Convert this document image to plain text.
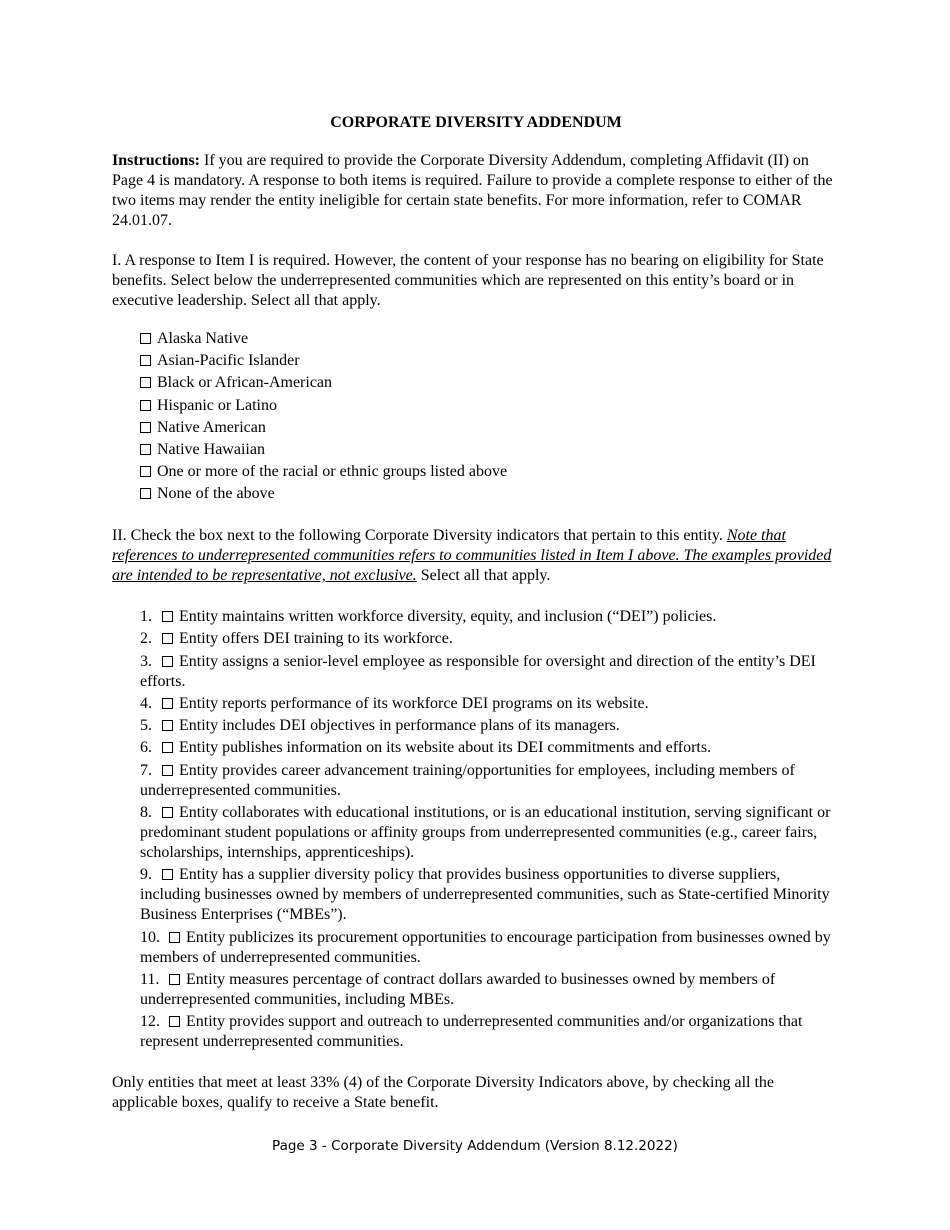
CORPORATE DIVERSITY ADDENDUM
Instructions: If you are required to provide the Corporate Diversity Addendum, completing Affidavit (II) on Page 4 is mandatory. A response to both items is required. Failure to provide a complete response to either of the two items may render the entity ineligible for certain state benefits. For more information, refer to COMAR 24.01.07.
I. A response to Item I is required. However, the content of your response has no bearing on eligibility for State benefits. Select below the underrepresented communities which are represented on this entity’s board or in executive leadership. Select all that apply.
Alaska Native
Asian-Pacific Islander
Black or African-American
Hispanic or Latino
Native American
Native Hawaiian
One or more of the racial or ethnic groups listed above
None of the above
II. Check the box next to the following Corporate Diversity indicators that pertain to this entity. Note that references to underrepresented communities refers to communities listed in Item I above. The examples provided are intended to be representative, not exclusive. Select all that apply.
1. Entity maintains written workforce diversity, equity, and inclusion (“DEI”) policies.
2. Entity offers DEI training to its workforce.
3. Entity assigns a senior-level employee as responsible for oversight and direction of the entity’s DEI efforts.
4. Entity reports performance of its workforce DEI programs on its website.
5. Entity includes DEI objectives in performance plans of its managers.
6. Entity publishes information on its website about its DEI commitments and efforts.
7. Entity provides career advancement training/opportunities for employees, including members of underrepresented communities.
8. Entity collaborates with educational institutions, or is an educational institution, serving significant or predominant student populations or affinity groups from underrepresented communities (e.g., career fairs, scholarships, internships, apprenticeships).
9. Entity has a supplier diversity policy that provides business opportunities to diverse suppliers, including businesses owned by members of underrepresented communities, such as State-certified Minority Business Enterprises (“MBEs”).
10. Entity publicizes its procurement opportunities to encourage participation from businesses owned by members of underrepresented communities.
11. Entity measures percentage of contract dollars awarded to businesses owned by members of underrepresented communities, including MBEs.
12. Entity provides support and outreach to underrepresented communities and/or organizations that represent underrepresented communities.
Only entities that meet at least 33% (4) of the Corporate Diversity Indicators above, by checking all the applicable boxes, qualify to receive a State benefit.
Page 3 - Corporate Diversity Addendum (Version 8.12.2022)
